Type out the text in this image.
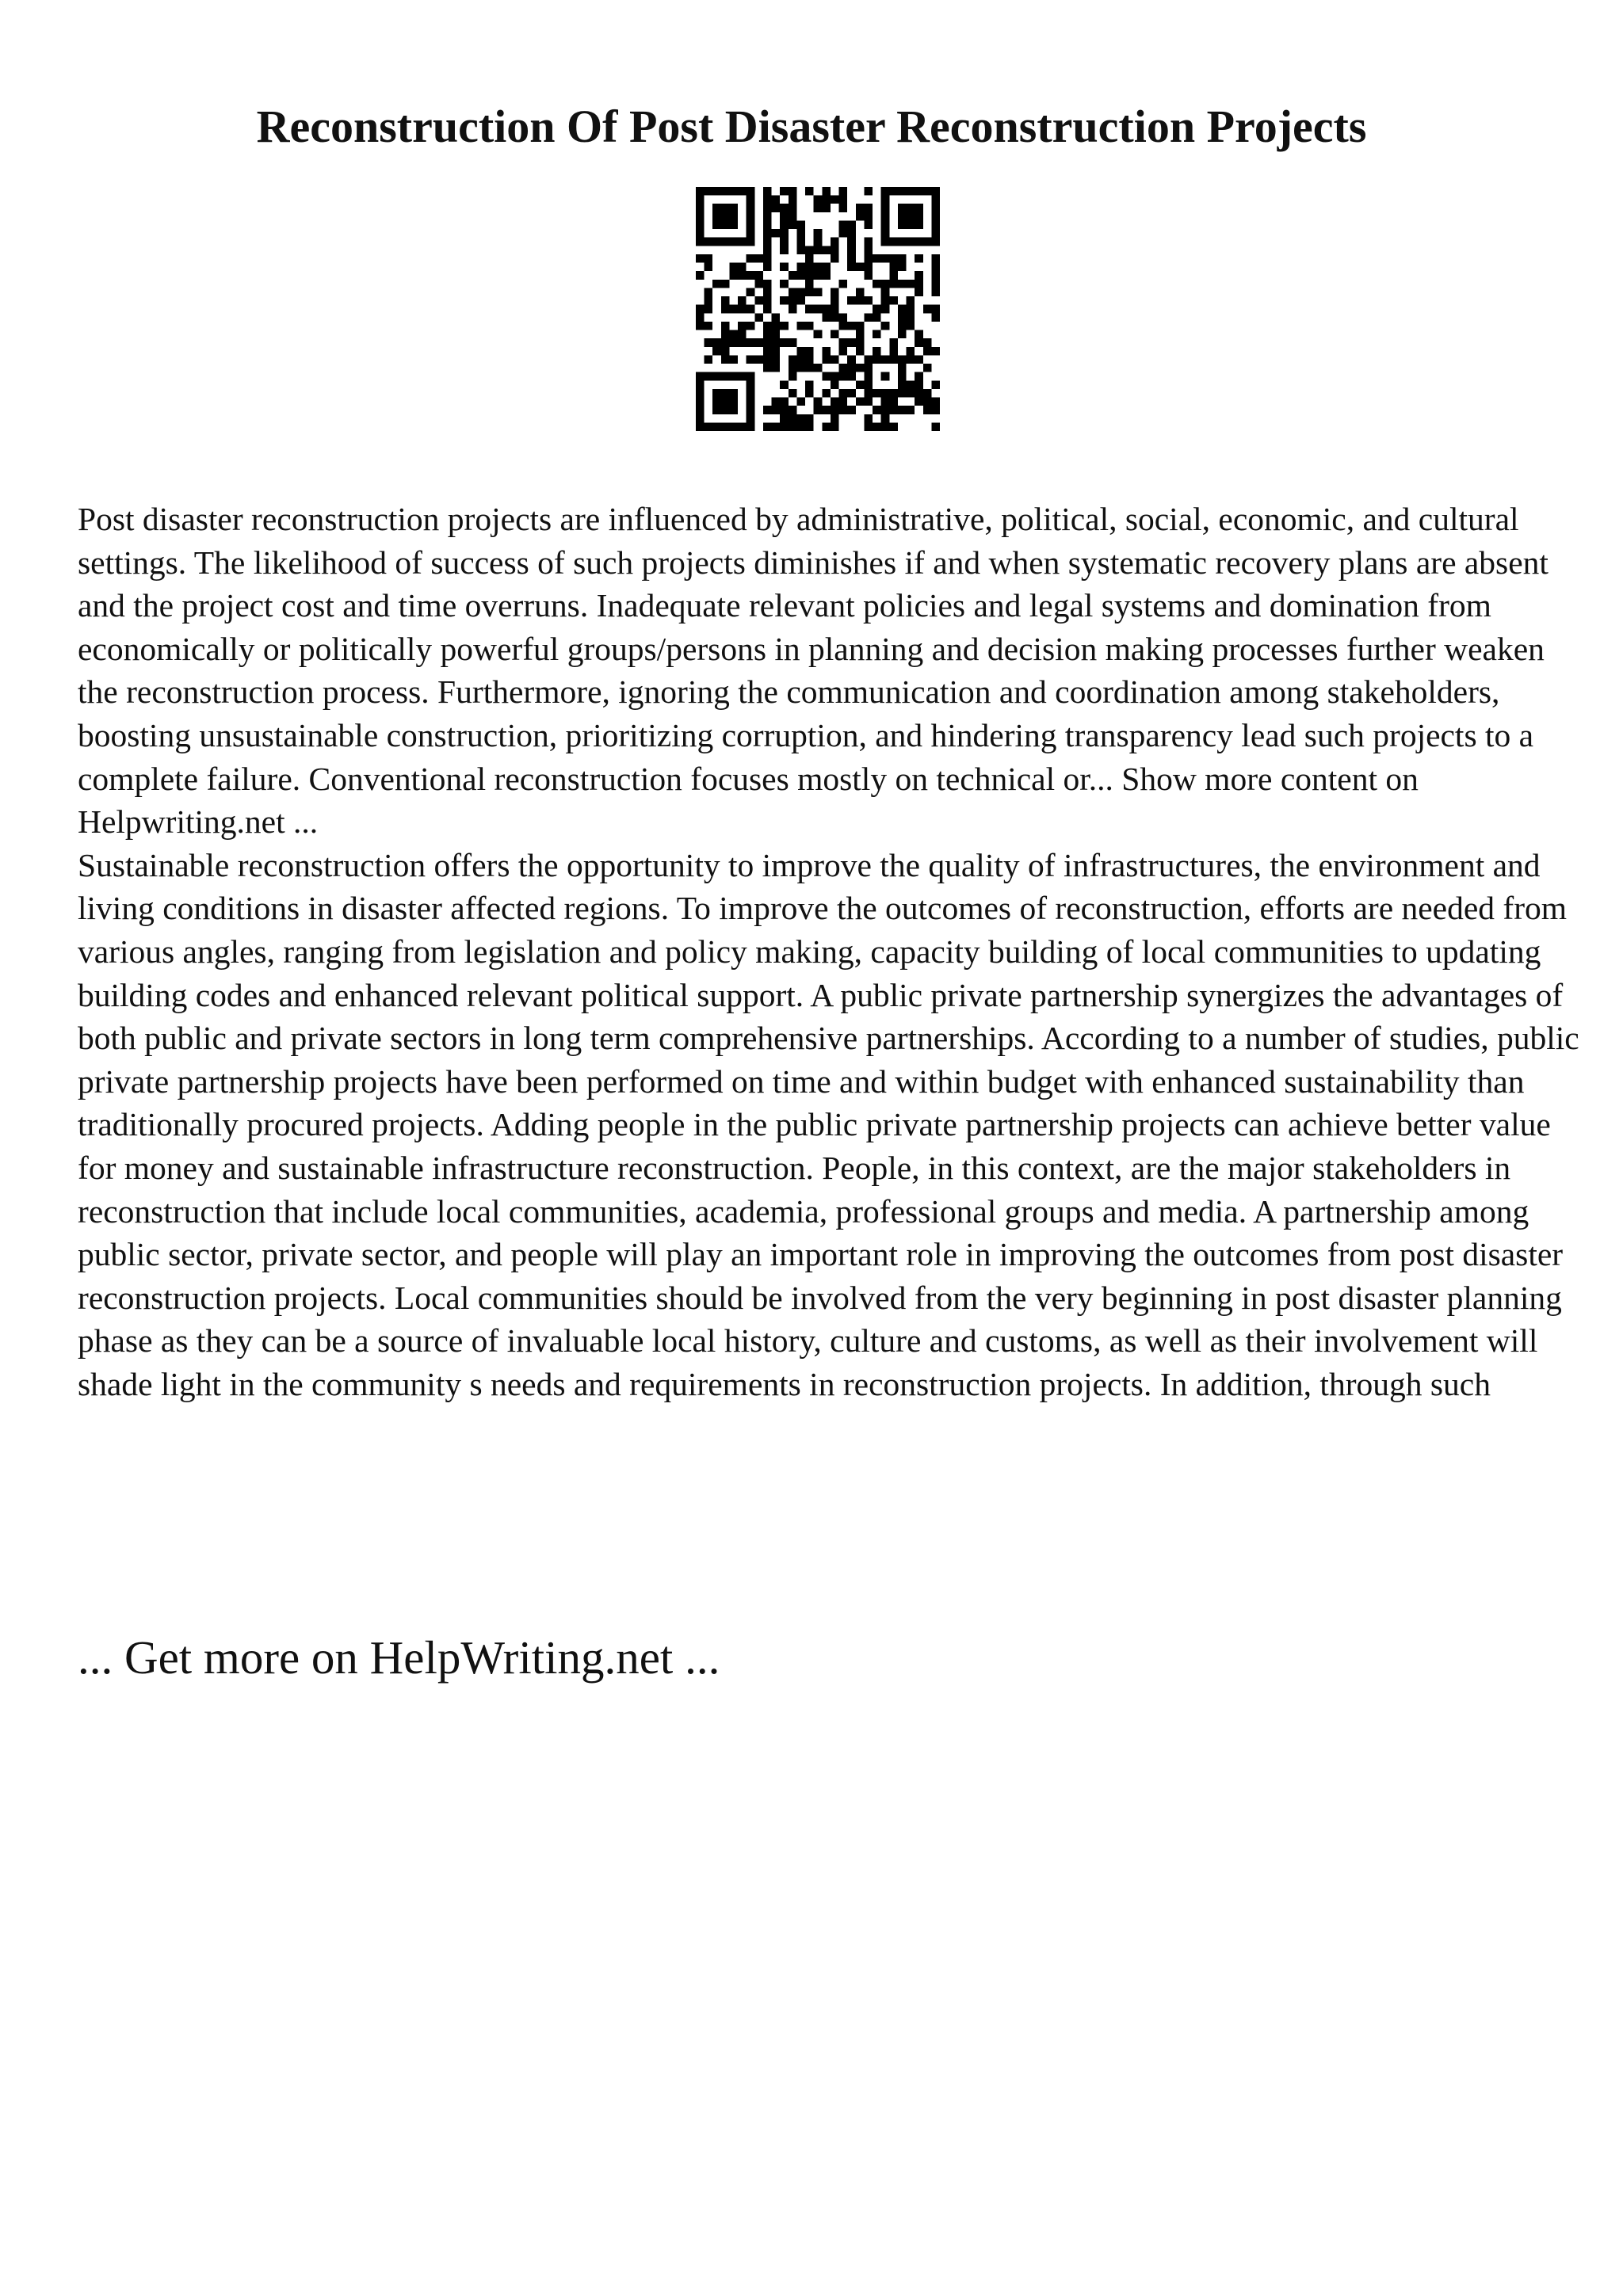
Reconstruction Of Post Disaster Reconstruction Projects

Post disaster reconstruction projects are influenced by administrative, political, social, economic, and cultural settings. The likelihood of success of such projects diminishes if and when systematic recovery plans are absent and the project cost and time overruns. Inadequate relevant policies and legal systems and domination from economically or politically powerful groups/persons in planning and decision making processes further weaken the reconstruction process. Furthermore, ignoring the communication and coordination among stakeholders, boosting unsustainable construction, prioritizing corruption, and hindering transparency lead such projects to a complete failure. Conventional reconstruction focuses mostly on technical or... Show more content on Helpwriting.net ...

Sustainable reconstruction offers the opportunity to improve the quality of infrastructures, the environment and living conditions in disaster affected regions. To improve the outcomes of reconstruction, efforts are needed from various angles, ranging from legislation and policy making, capacity building of local communities to updating building codes and enhanced relevant political support. A public private partnership synergizes the advantages of both public and private sectors in long term comprehensive partnerships. According to a number of studies, public private partnership projects have been performed on time and within budget with enhanced sustainability than traditionally procured projects. Adding people in the public private partnership projects can achieve better value for money and sustainable infrastructure reconstruction. People, in this context, are the major stakeholders in reconstruction that include local communities, academia, professional groups and media. A partnership among public sector, private sector, and people will play an important role in improving the outcomes from post disaster reconstruction projects. Local communities should be involved from the very beginning in post disaster planning phase as they can be a source of invaluable local history, culture and customs, as well as their involvement will shade light in the community s needs and requirements in reconstruction projects. In addition, through such

... Get more on HelpWriting.net ...
